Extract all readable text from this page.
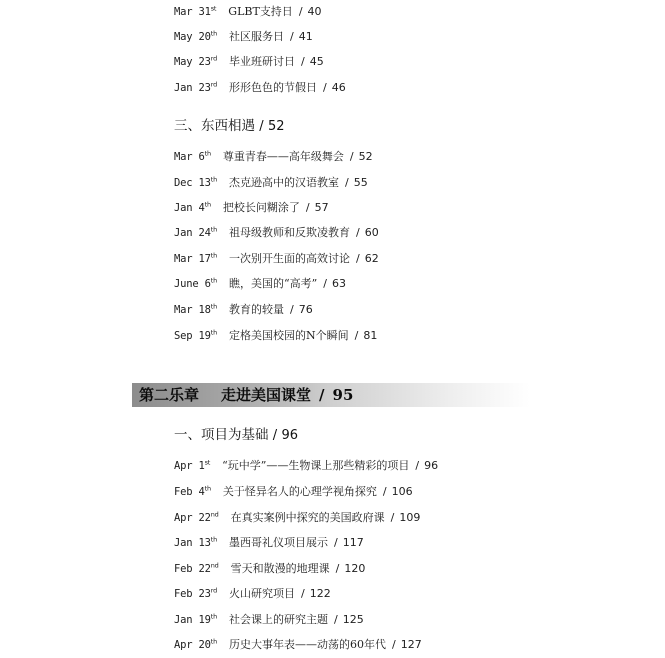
Mar 31st GLBT支持日 / 40
May 20th 社区服务日 / 41
May 23rd 毕业班研讨日 / 45
Jan 23rd 形形色色的节假日 / 46
三、东西相遇 / 52
Mar 6th 尊重青春——高年级舞会 / 52
Dec 13th 杰克逊高中的汉语教室 / 55
Jan 4th 把校长问糊涂了 / 57
Jan 24th 祖母级教师和反欺凌教育 / 60
Mar 17th 一次别开生面的高效讨论 / 62
June 6th 瞧，美国的“高考” / 63
Mar 18th 教育的较量 / 76
Sep 19th 定格美国校园的N个瞬间 / 81
第二乐章 走进美国课堂 / 95
一、项目为基础 / 96
Apr 1st “玩中学”——生物课上那些精彩的项目 / 96
Feb 4th 关于怪异名人的心理学视角探究 / 106
Apr 22nd 在真实案例中探究的美国政府课 / 109
Jan 13th 墨西哥礼仪项目展示 / 117
Feb 22nd 雪天和散漫的地理课 / 120
Feb 23rd 火山研究项目 / 122
Jan 19th 社会课上的研究主题 / 125
Apr 20th 历史大事年表——动荡的60年代 / 127
